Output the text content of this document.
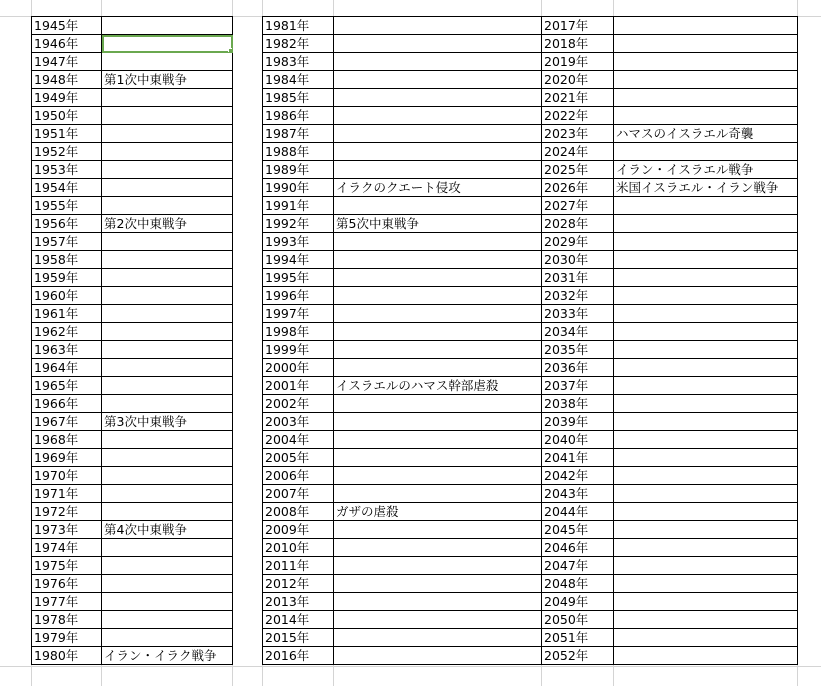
1945年			1981年		2017年	
1946年			1982年		2018年	
1947年			1983年		2019年	
1948年	第1次中東戦争		1984年		2020年	
1949年			1985年		2021年	
1950年			1986年		2022年	
1951年			1987年		2023年	ハマスのイスラエル奇襲
1952年			1988年		2024年	
1953年			1989年		2025年	イラン・イスラエル戦争
1954年			1990年	イラクのクエート侵攻	2026年	米国イスラエル・イラン戦争
1955年			1991年		2027年	
1956年	第2次中東戦争		1992年	第5次中東戦争	2028年	
1957年			1993年		2029年	
1958年			1994年		2030年	
1959年			1995年		2031年	
1960年			1996年		2032年	
1961年			1997年		2033年	
1962年			1998年		2034年	
1963年			1999年		2035年	
1964年			2000年		2036年	
1965年			2001年	イスラエルのハマス幹部虐殺	2037年	
1966年			2002年		2038年	
1967年	第3次中東戦争		2003年		2039年	
1968年			2004年		2040年	
1969年			2005年		2041年	
1970年			2006年		2042年	
1971年			2007年		2043年	
1972年			2008年	ガザの虐殺	2044年	
1973年	第4次中東戦争		2009年		2045年	
1974年			2010年		2046年	
1975年			2011年		2047年	
1976年			2012年		2048年	
1977年			2013年		2049年	
1978年			2014年		2050年	
1979年			2015年		2051年	
1980年	イラン・イラク戦争		2016年		2052年	
